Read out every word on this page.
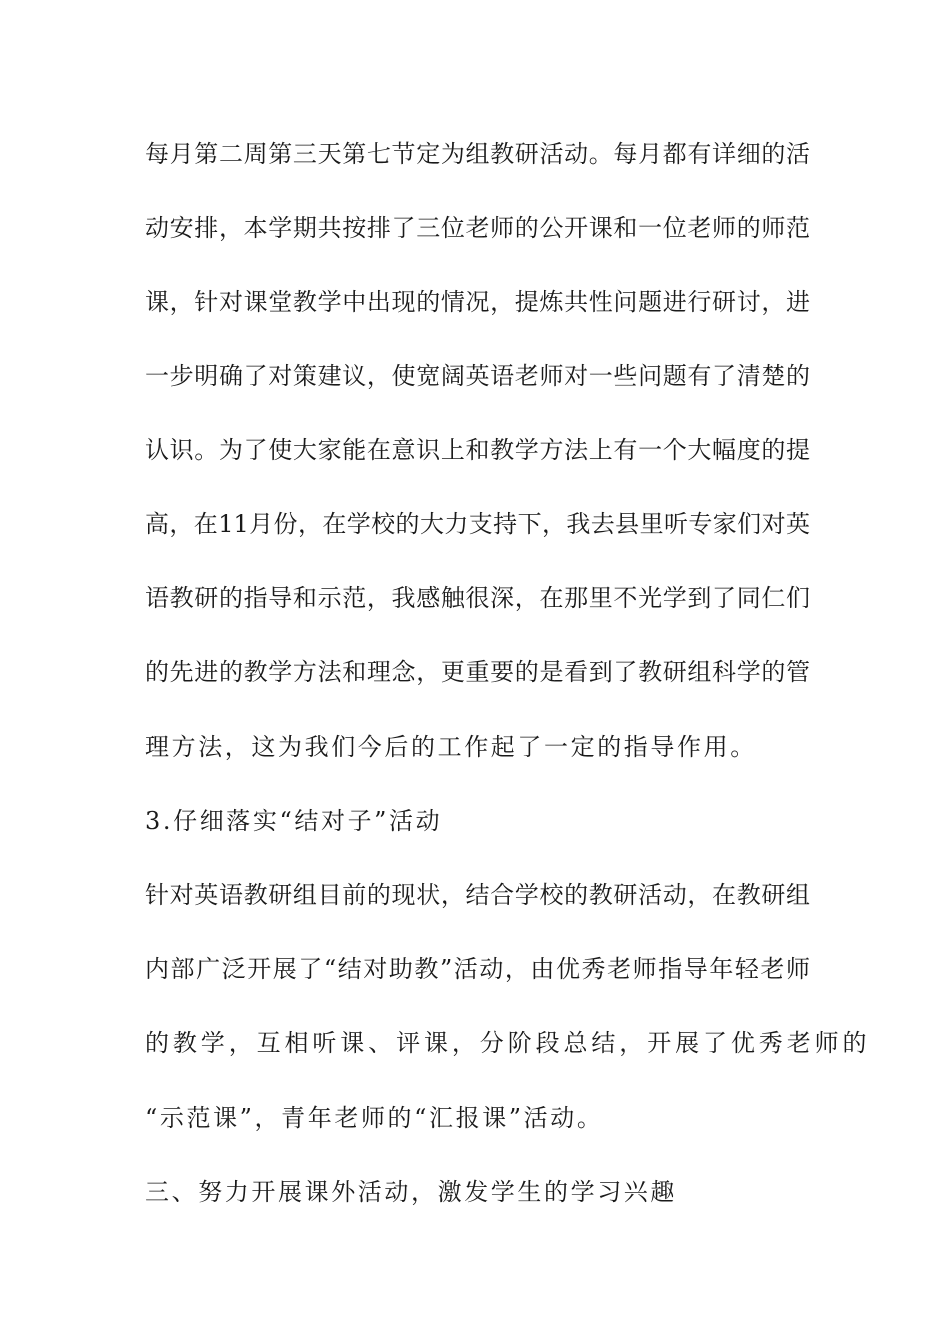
每月第二周第三天第七节定为组教研活动。每月都有详细的活
动安排，本学期共按排了三位老师的公开课和一位老师的师范
课，针对课堂教学中出现的情况，提炼共性问题进行研讨，进
一步明确了对策建议，使宽阔英语老师对一些问题有了清楚的
认识。为了使大家能在意识上和教学方法上有一个大幅度的提
高，在11月份，在学校的大力支持下，我去县里听专家们对英
语教研的指导和示范，我感触很深，在那里不光学到了同仁们
的先进的教学方法和理念，更重要的是看到了教研组科学的管
理方法，这为我们今后的工作起了一定的指导作用。
3.仔细落实“结对子”活动
针对英语教研组目前的现状，结合学校的教研活动，在教研组
内部广泛开展了“结对助教”活动，由优秀老师指导年轻老师
的教学，互相听课、评课，分阶段总结，开展了优秀老师的
“示范课”，青年老师的“汇报课”活动。
三、努力开展课外活动，激发学生的学习兴趣
